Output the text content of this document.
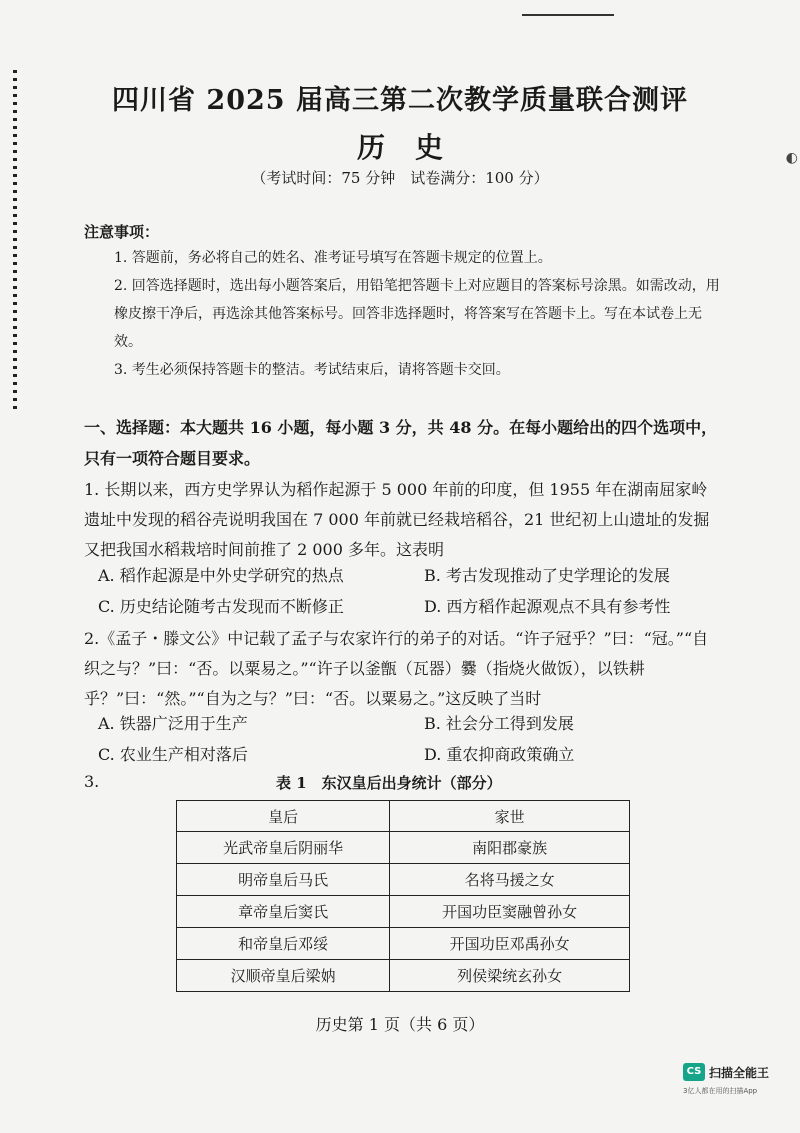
◐
四川省 2025 届高三第二次教学质量联合测评
历史
（考试时间：75 分钟　试卷满分：100 分）
注意事项：
1. 答题前，务必将自己的姓名、准考证号填写在答题卡规定的位置上。
2. 回答选择题时，选出每小题答案后，用铅笔把答题卡上对应题目的答案标号涂黑。如需改动，用橡皮擦干净后，再选涂其他答案标号。回答非选择题时，将答案写在答题卡上。写在本试卷上无效。
3. 考生必须保持答题卡的整洁。考试结束后，请将答题卡交回。
一、选择题：本大题共 16 小题，每小题 3 分，共 48 分。在每小题给出的四个选项中，只有一项符合题目要求。
1. 长期以来，西方史学界认为稻作起源于 5 000 年前的印度，但 1955 年在湖南屈家岭遗址中发现的稻谷壳说明我国在 7 000 年前就已经栽培稻谷，21 世纪初上山遗址的发掘又把我国水稻栽培时间前推了 2 000 多年。这表明
A. 稻作起源是中外史学研究的热点	B. 考古发现推动了史学理论的发展
C. 历史结论随考古发现而不断修正	D. 西方稻作起源观点不具有参考性
2.《孟子・滕文公》中记载了孟子与农家许行的弟子的对话。“许子冠乎？”曰：“冠。”“自织之与？”曰：“否。以粟易之。”“许子以釜甑（瓦器）爨（指烧火做饭），以铁耕乎？”曰：“然。”“自为之与？”曰：“否。以粟易之。”这反映了当时
A. 铁器广泛用于生产	B. 社会分工得到发展
C. 农业生产相对落后	D. 重农抑商政策确立
3.	表 1　东汉皇后出身统计（部分）
皇后	家世
光武帝皇后阴丽华	南阳郡豪族
明帝皇后马氏	名将马援之女
章帝皇后窦氏	开国功臣窦融曾孙女
和帝皇后邓绥	开国功臣邓禹孙女
汉顺帝皇后梁妠	列侯梁统玄孙女
历史第 1 页（共 6 页）
CS 扫描全能王
3亿人都在用的扫描App
